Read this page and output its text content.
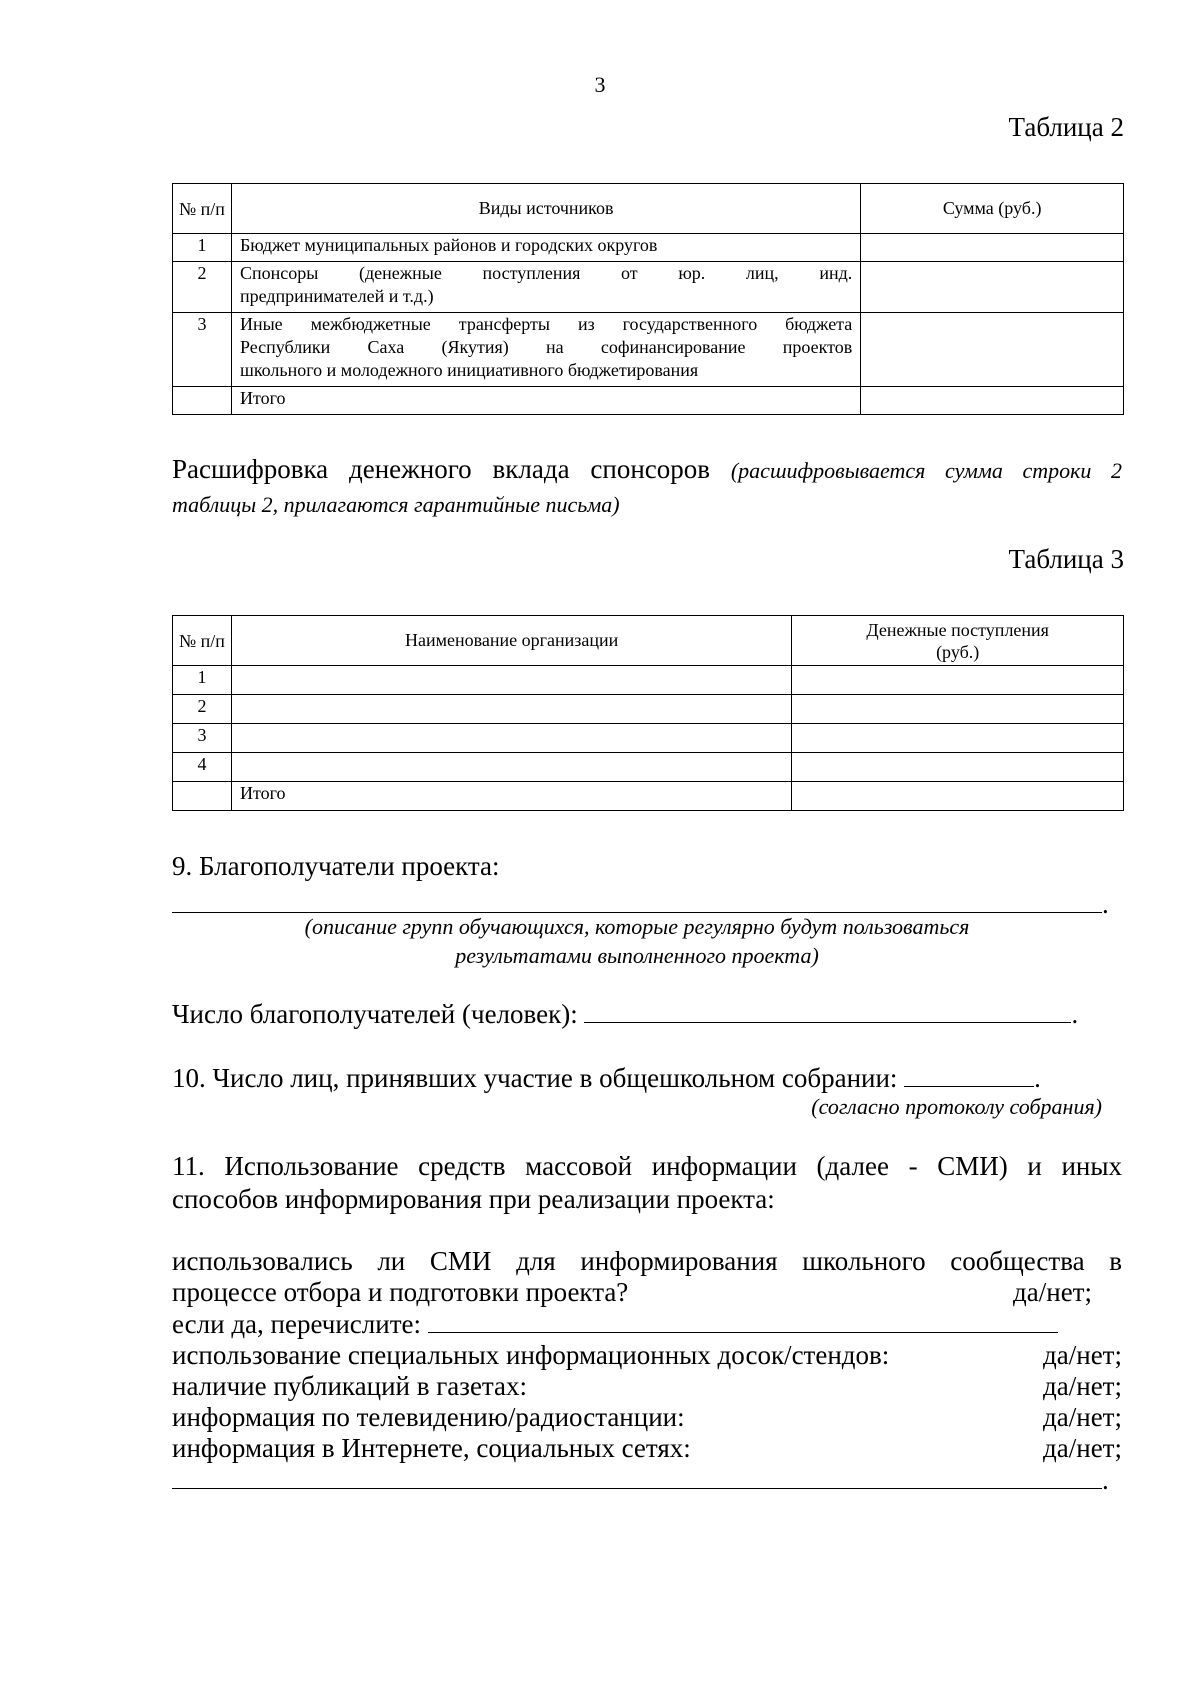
3
Таблица 2
№ п/п	Виды источников	Сумма (руб.)
1	Бюджет муниципальных районов и городских округов	
2	Спонсоры (денежные поступления от юр. лиц, инд.
предпринимателей и т.д.)	

3	Иные межбюджетные трансферты из государственного бюджета
Республики Саха (Якутия) на софинансирование проектов
школьного и молодежного инициативного бюджетирования	

	Итого	
Расшифровка денежного вклада спонсоров (расшифровывается сумма строки 2
таблицы 2, прилагаются гарантийные письма)
Таблица 3
№ п/п	Наименование организации	Денежные поступления
(руб.)

1		
2		
3		
4		
	Итого	
9. Благополучатели проекта:
.
(описание групп обучающихся, которые регулярно будут пользоваться
результатами выполненного проекта)
Число благополучателей (человек):	.
10. Число лиц, принявших участие в общешкольном собрании:	.
(согласно протоколу собрания)
11. Использование средств массовой информации (далее - СМИ) и иных
способов информирования при реализации проекта:
использовались ли СМИ для информирования школьного сообщества в
процессе отбора и подготовки проекта?	да/нет;
если да, перечислите:
использование специальных информационных досок/стендов:	да/нет;
наличие публикаций в газетах:	да/нет;
информация по телевидению/радиостанции:	да/нет;
информация в Интернете, социальных сетях:	да/нет;
.
